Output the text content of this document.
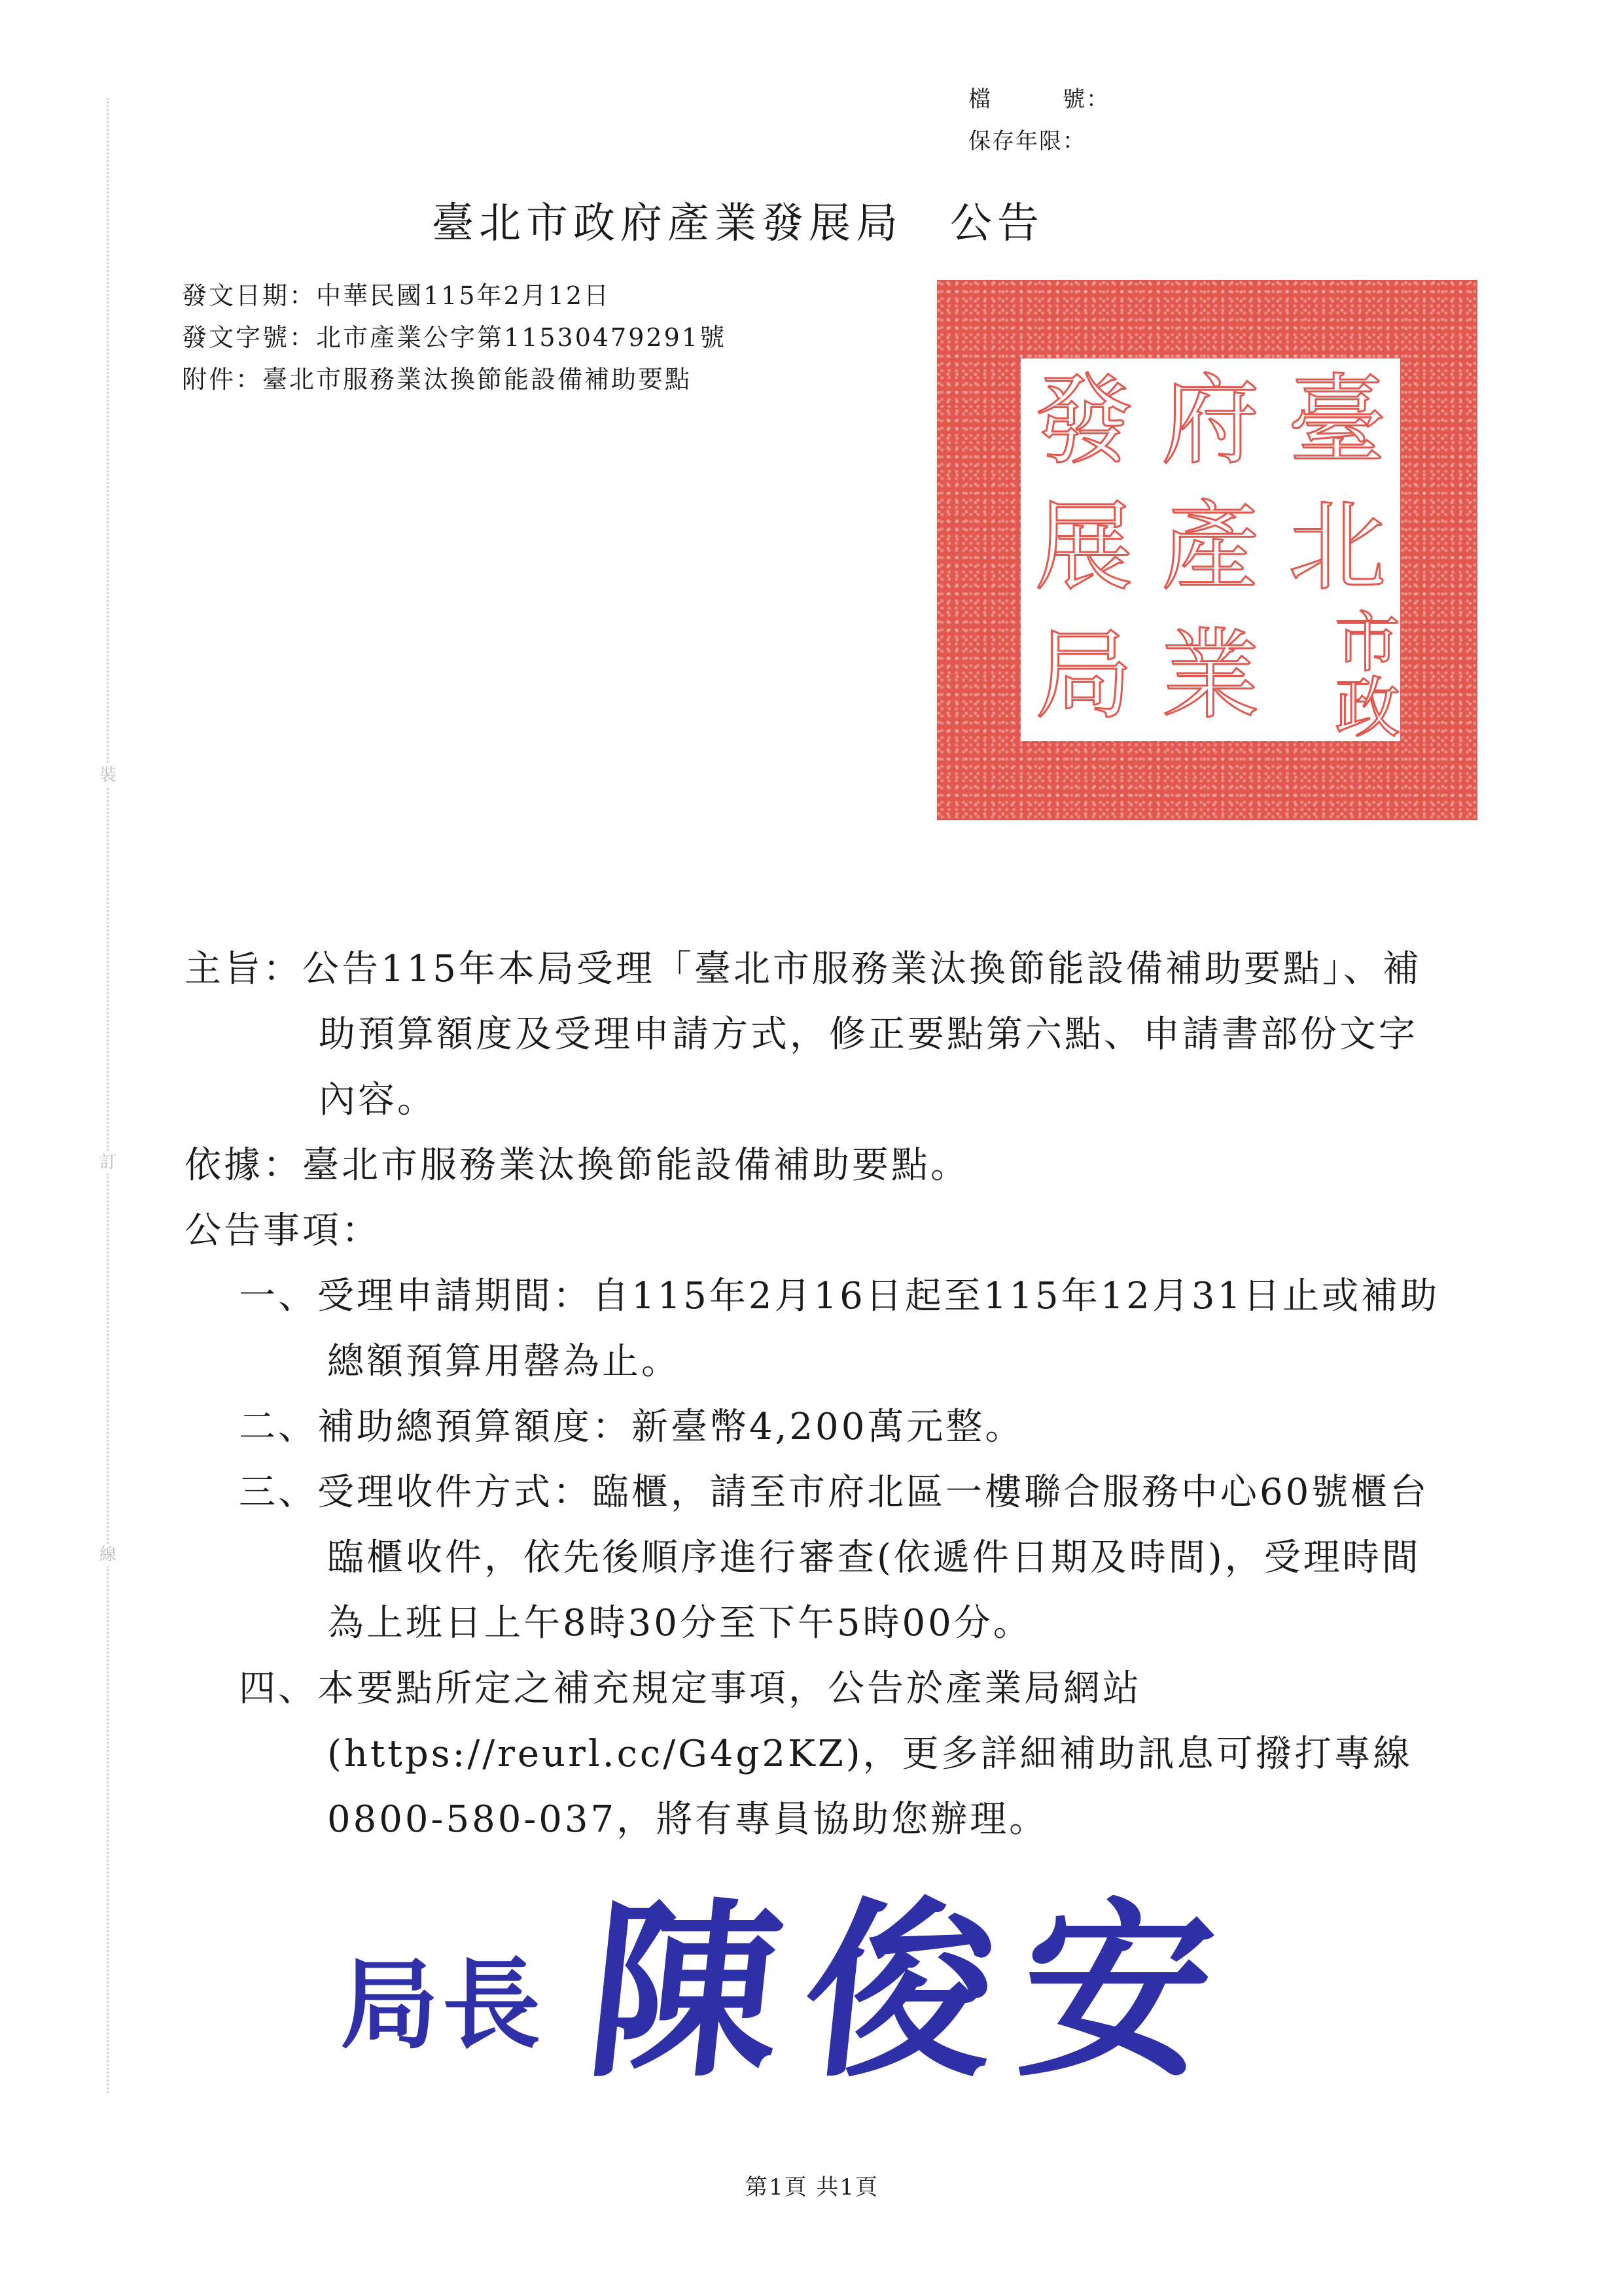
裝
訂
線
檔　　　號：
保存年限：
臺北市政府產業發展局　公告
發文日期：中華民國115年2月12日
發文字號：北市產業公字第11530479291號
附件：臺北市服務業汰換節能設備補助要點	臺
北
市政
府
產
業
發
展
局
主旨：公告115年本局受理「臺北市服務業汰換節能設備補助要點」、補助預算額度及受理申請方式，修正要點第六點、申請書部份文字內容。
依據：臺北市服務業汰換節能設備補助要點。
公告事項：
一、受理申請期間：自115年2月16日起至115年12月31日止或補助總額預算用罄為止。
二、補助總預算額度：新臺幣4,200萬元整。
三、受理收件方式：臨櫃，請至市府北區一樓聯合服務中心60號櫃台臨櫃收件，依先後順序進行審查(依遞件日期及時間)，受理時間為上班日上午8時30分至下午5時00分。
四、本要點所定之補充規定事項，公告於產業局網站(https://reurl.cc/G4g2KZ)，更多詳細補助訊息可撥打專線0800-580-037，將有專員協助您辦理。
局長 陳俊安
第1頁 共1頁
